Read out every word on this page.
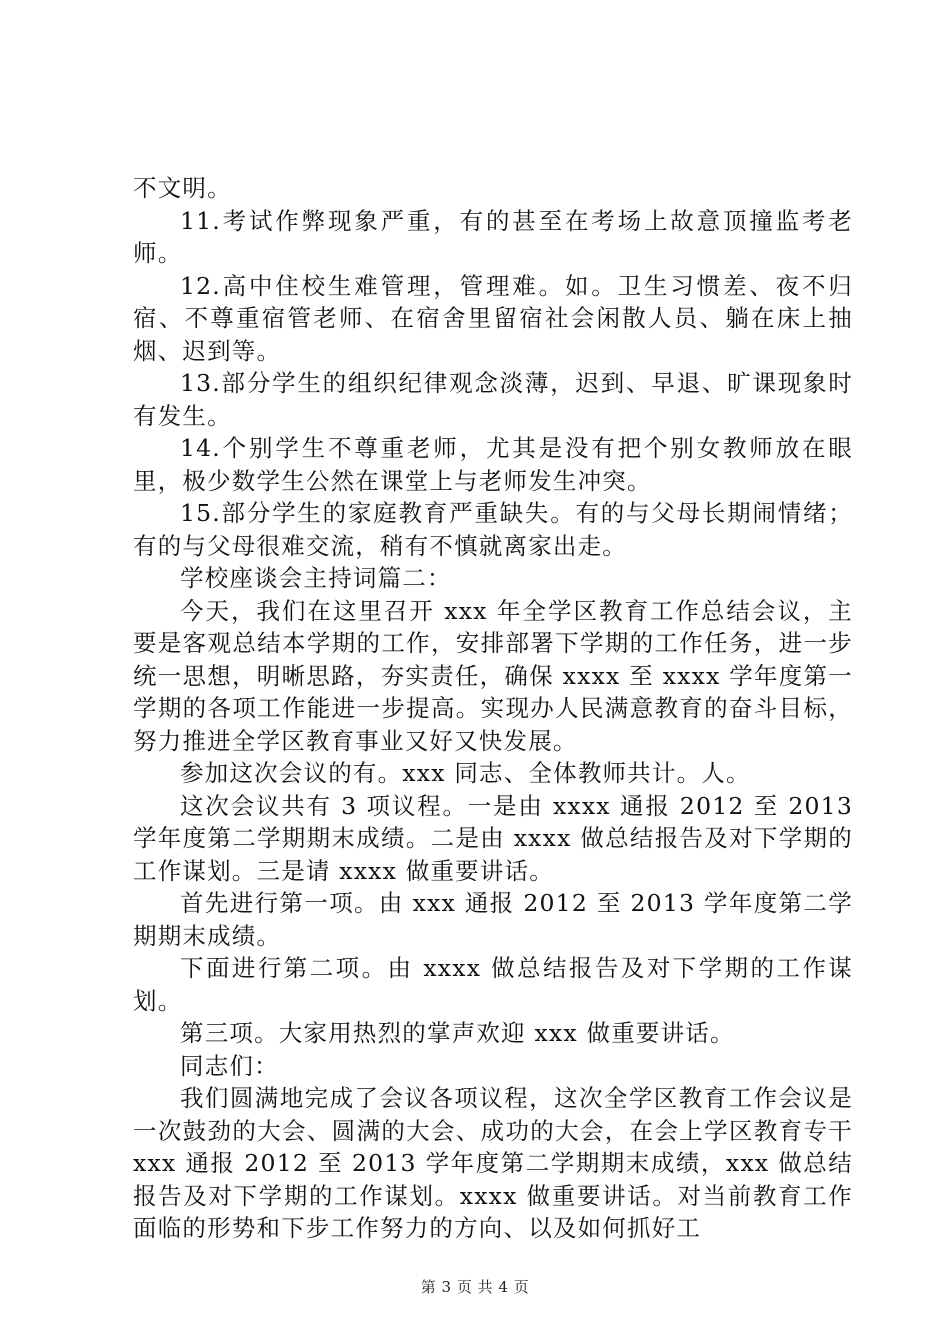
不文明。

11.考试作弊现象严重，有的甚至在考场上故意顶撞监考老师。

12.高中住校生难管理，管理难。如。卫生习惯差、夜不归宿、不尊重宿管老师、在宿舍里留宿社会闲散人员、躺在床上抽烟、迟到等。

13.部分学生的组织纪律观念淡薄，迟到、早退、旷课现象时有发生。

14.个别学生不尊重老师，尤其是没有把个别女教师放在眼里，极少数学生公然在课堂上与老师发生冲突。

15.部分学生的家庭教育严重缺失。有的与父母长期闹情绪；有的与父母很难交流，稍有不慎就离家出走。

学校座谈会主持词篇二：

今天，我们在这里召开 xxx 年全学区教育工作总结会议，主要是客观总结本学期的工作，安排部署下学期的工作任务，进一步统一思想，明晰思路，夯实责任，确保 xxxx 至 xxxx 学年度第一学期的各项工作能进一步提高。实现办人民满意教育的奋斗目标，努力推进全学区教育事业又好又快发展。

参加这次会议的有。xxx 同志、全体教师共计。人。

这次会议共有 3 项议程。一是由 xxxx 通报 2012 至 2013 学年度第二学期期末成绩。二是由 xxxx 做总结报告及对下学期的工作谋划。三是请 xxxx 做重要讲话。

首先进行第一项。由 xxx 通报 2012 至 2013 学年度第二学期期末成绩。

下面进行第二项。由 xxxx 做总结报告及对下学期的工作谋划。

第三项。大家用热烈的掌声欢迎 xxx 做重要讲话。

同志们：

我们圆满地完成了会议各项议程，这次全学区教育工作会议是一次鼓劲的大会、圆满的大会、成功的大会，在会上学区教育专干 xxx 通报 2012 至 2013 学年度第二学期期末成绩，xxx 做总结报告及对下学期的工作谋划。xxxx 做重要讲话。对当前教育工作面临的形势和下步工作努力的方向、以及如何抓好工

第 3 页 共 4 页
